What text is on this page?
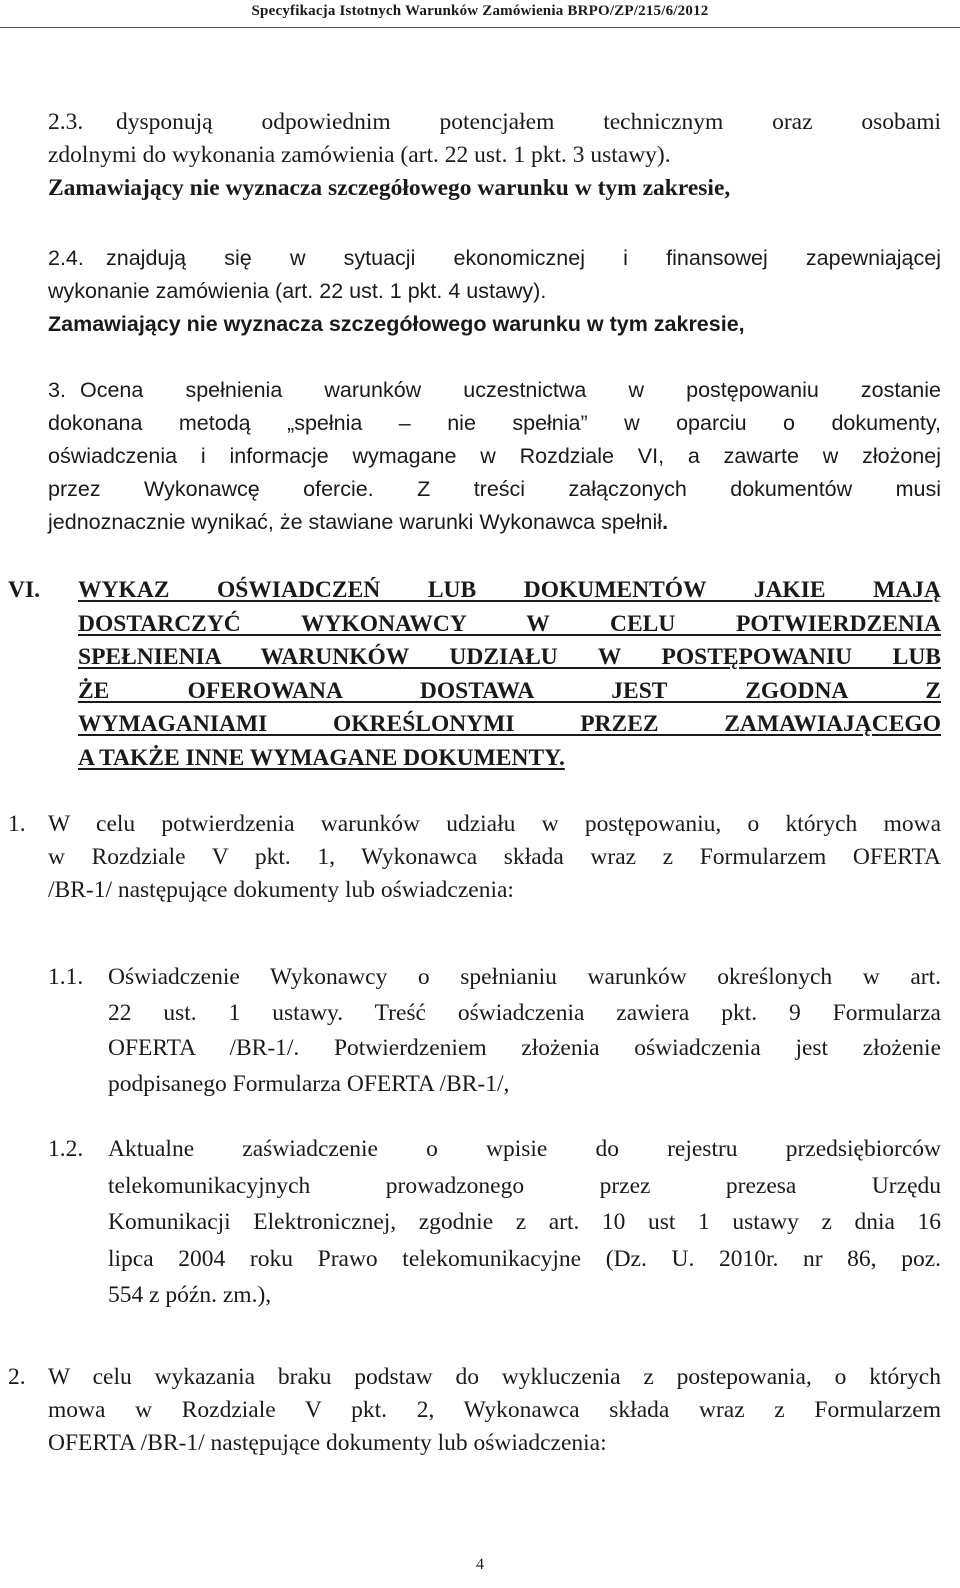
Specyfikacja Istotnych Warunków Zamówienia BRPO/ZP/215/6/2012
2.3.	dysponują odpowiednim potencjałem technicznym oraz osobami
zdolnymi do wykonania zamówienia (art. 22 ust. 1 pkt. 3 ustawy).
Zamawiający nie wyznacza szczegółowego warunku w tym zakresie,
2.4.	znajdują się w sytuacji ekonomicznej i finansowej zapewniającej
wykonanie zamówienia (art. 22 ust. 1 pkt. 4 ustawy).
Zamawiający nie wyznacza szczegółowego warunku w tym zakresie,
3. Ocena spełnienia warunków uczestnictwa w postępowaniu zostanie
dokonana metodą „spełnia – nie spełnia” w oparciu o dokumenty,
oświadczenia i informacje wymagane w Rozdziale VI, a zawarte w złożonej
przez Wykonawcę ofercie. Z treści załączonych dokumentów musi
jednoznacznie wynikać, że stawiane warunki Wykonawca spełnił.
VI. WYKAZ OŚWIADCZEŃ LUB DOKUMENTÓW JAKIE MAJĄ
DOSTARCZYĆ WYKONAWCY W CELU POTWIERDZENIA
SPEŁNIENIA WARUNKÓW UDZIAŁU W POSTĘPOWANIU LUB
ŻE OFEROWANA DOSTAWA JEST ZGODNA Z
WYMAGANIAMI OKREŚLONYMI PRZEZ ZAMAWIAJĄCEGO
A TAKŻE INNE WYMAGANE DOKUMENTY.
1. W celu potwierdzenia warunków udziału w postępowaniu, o których mowa
w Rozdziale V pkt. 1, Wykonawca składa wraz z Formularzem OFERTA
/BR-1/ następujące dokumenty lub oświadczenia:
1.1. Oświadczenie Wykonawcy o spełnianiu warunków określonych w art.
22 ust. 1 ustawy. Treść oświadczenia zawiera pkt. 9 Formularza
OFERTA /BR-1/. Potwierdzeniem złożenia oświadczenia jest złożenie
podpisanego Formularza OFERTA /BR-1/,
1.2. Aktualne zaświadczenie o wpisie do rejestru przedsiębiorców
telekomunikacyjnych prowadzonego przez prezesa Urzędu
Komunikacji Elektronicznej, zgodnie z art. 10 ust 1 ustawy z dnia 16
lipca 2004 roku Prawo telekomunikacyjne (Dz. U. 2010r. nr 86, poz.
554 z późn. zm.),
2. W celu wykazania braku podstaw do wykluczenia z postepowania, o których
mowa w Rozdziale V pkt. 2, Wykonawca składa wraz z Formularzem
OFERTA /BR-1/ następujące dokumenty lub oświadczenia:
4
